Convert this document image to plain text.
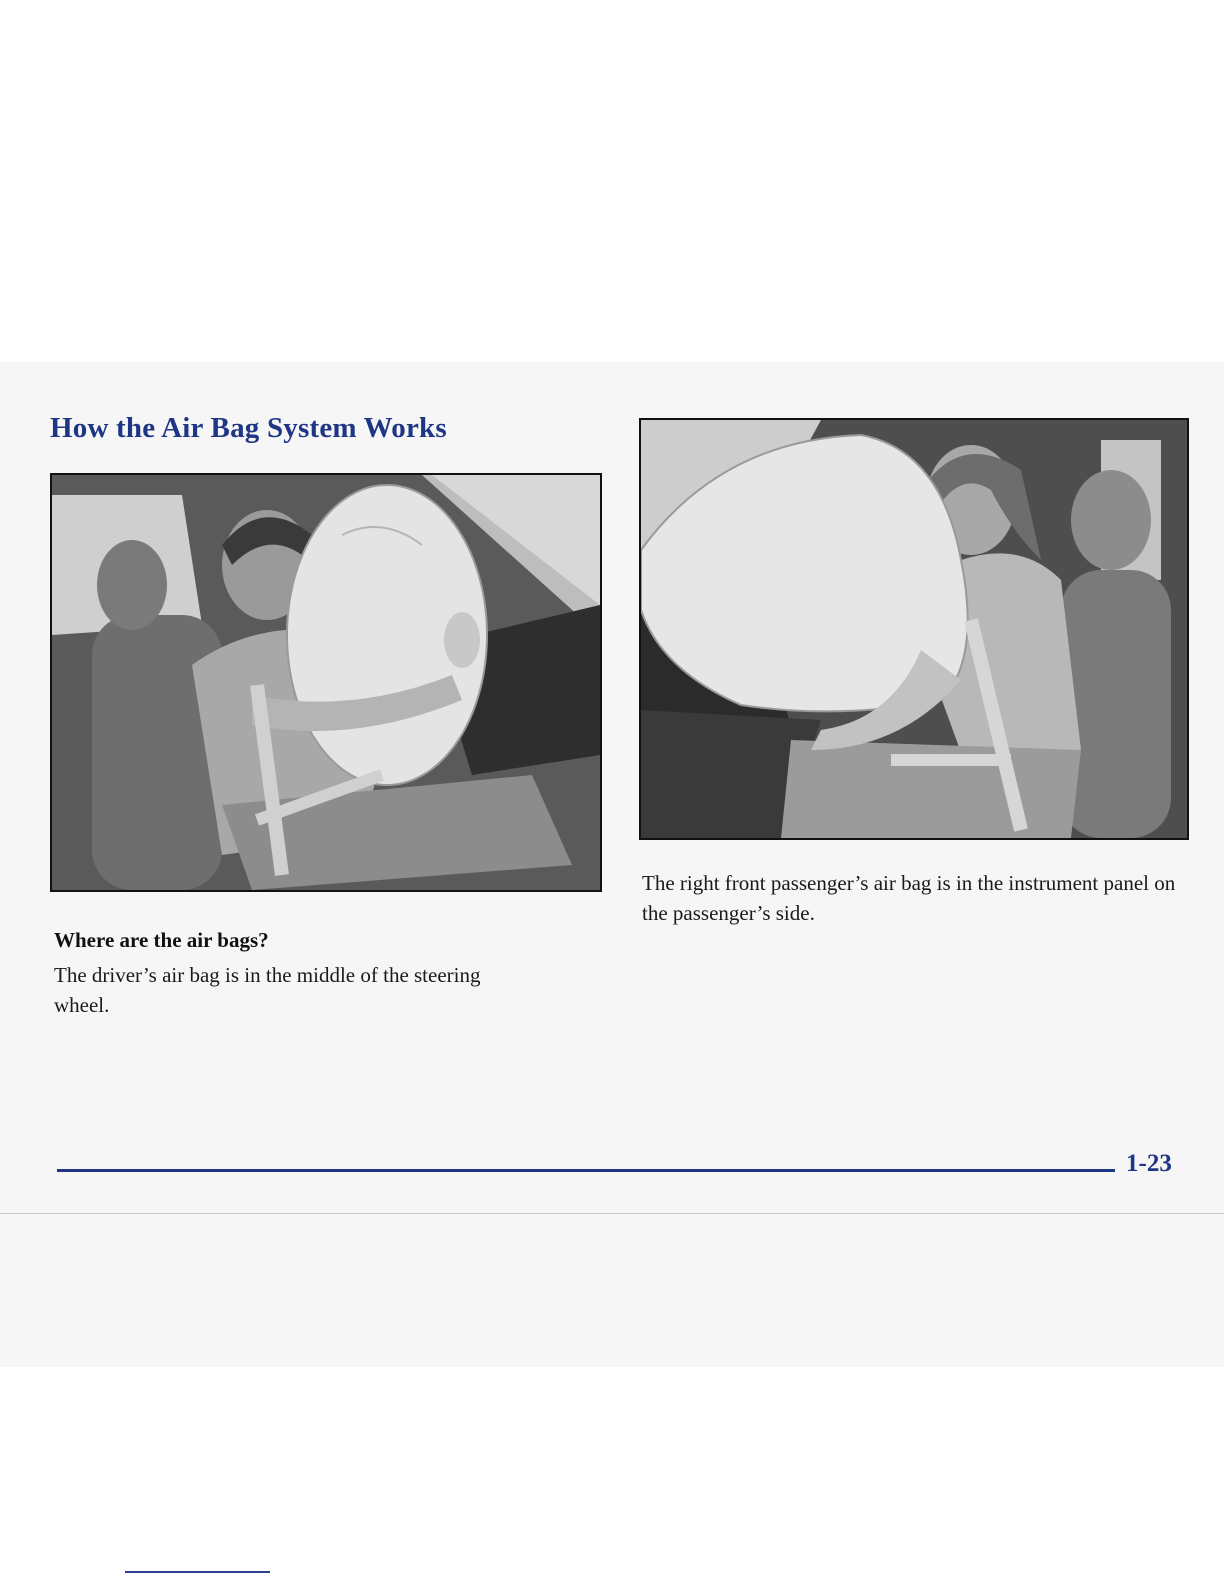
How the Air Bag System Works
Where are the air bags?

The driver’s air bag is in the middle of the steering wheel.

The right front passenger’s air bag is in the instrument panel on the passenger’s side.

1-23
